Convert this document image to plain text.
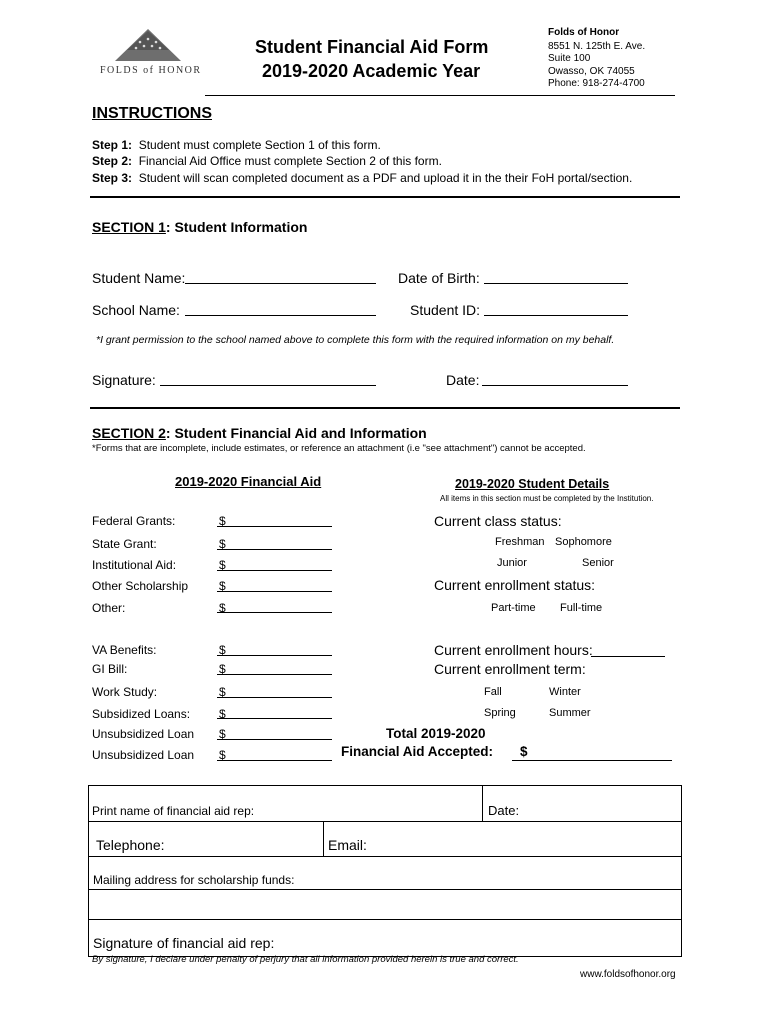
FOLDS of HONOR
Student Financial Aid Form
2019-2020 Academic Year
Folds of Honor
8551 N. 125th E. Ave.
Suite 100
Owasso, OK 74055
Phone: 918-274-4700
INSTRUCTIONS
Step 1: Student must complete Section 1 of this form.
Step 2: Financial Aid Office must complete Section 2 of this form.
Step 3: Student will scan completed document as a PDF and upload it in the their FoH portal/section.
SECTION 1: Student Information
Student Name:	Date of Birth:
School Name:	Student ID:
*I grant permission to the school named above to complete this form with the required information on my behalf.
Signature:	Date:
SECTION 2: Student Financial Aid and Information
*Forms that are incomplete, include estimates, or reference an attachment (i.e "see attachment") cannot be accepted.
2019-2020 Financial Aid	2019-2020 Student Details
All items in this section must be completed by the Institution.
Federal Grants:	$
State Grant:	$
Institutional Aid:	$
Other Scholarship	$
Other:	$
VA Benefits:	$
GI Bill:	$
Work Study:	$
Subsidized Loans: $
Unsubsidized Loan $
Unsubsidized Loan $
Current class status:
Freshman Sophomore
Junior	Senior
Current enrollment status:
Part-time Full-time
Current enrollment hours:
Current enrollment term:
Fall	Winter
Spring	Summer
Total 2019-2020
Financial Aid Accepted: $
Print name of financial aid rep:	Date:
Telephone:	Email:
Mailing address for scholarship funds:
Signature of financial aid rep:
By signature, I declare under penalty of perjury that all information provided herein is true and correct.
www.foldsofhonor.org
